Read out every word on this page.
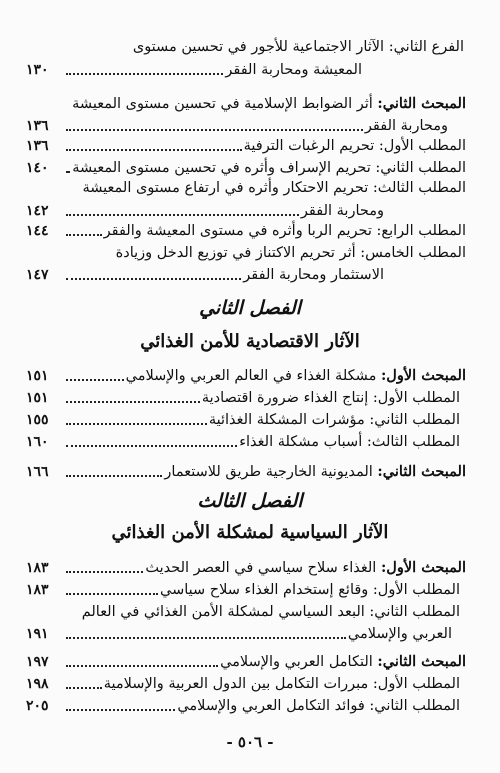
الفرع الثاني: الآثار الاجتماعية للأجور في تحسين مستوى
المعيشة ومحاربة الفقر
١٣٠
المبحث الثاني: أثر الضوابط الإسلامية في تحسين مستوى المعيشة
ومحاربة الفقر
١٣٦
المطلب الأول: تحريم الرغبات الترفية
١٣٦
المطلب الثاني: تحريم الإسراف وأثره في تحسين مستوى المعيشة
١٤٠
المطلب الثالث: تحريم الاحتكار وأثره في ارتفاع مستوى المعيشة
ومحاربة الفقر
١٤٢
المطلب الرابع: تحريم الربا وأثره في مستوى المعيشة والفقر
١٤٤
المطلب الخامس: أثر تحريم الاكتناز في توزيع الدخل وزيادة
الاستثمار ومحاربة الفقر
١٤٧
الفصل الثاني
الآثار الاقتصادية للأمن الغذائي
المبحث الأول: مشكلة الغذاء في العالم العربي والإسلامي
١٥١
المطلب الأول: إنتاج الغذاء ضرورة اقتصادية
١٥١
المطلب الثاني: مؤشرات المشكلة الغذائية
١٥٥
المطلب الثالث: أسباب مشكلة الغذاء
١٦٠
المبحث الثاني: المديونية الخارجية طريق للاستعمار
١٦٦
الفصل الثالث
الآثار السياسية لمشكلة الأمن الغذائي
المبحث الأول: الغذاء سلاح سياسي في العصر الحديث
١٨٣
المطلب الأول: وقائع إستخدام الغذاء سلاح سياسي
١٨٣
المطلب الثاني: البعد السياسي لمشكلة الأمن الغذائي في العالم
العربي والإسلامي
١٩١
المبحث الثاني: التكامل العربي والإسلامي
١٩٧
المطلب الأول: مبررات التكامل بين الدول العربية والإسلامية
١٩٨
المطلب الثاني: فوائد التكامل العربي والإسلامي
٢٠٥
- ٥٠٦ -
